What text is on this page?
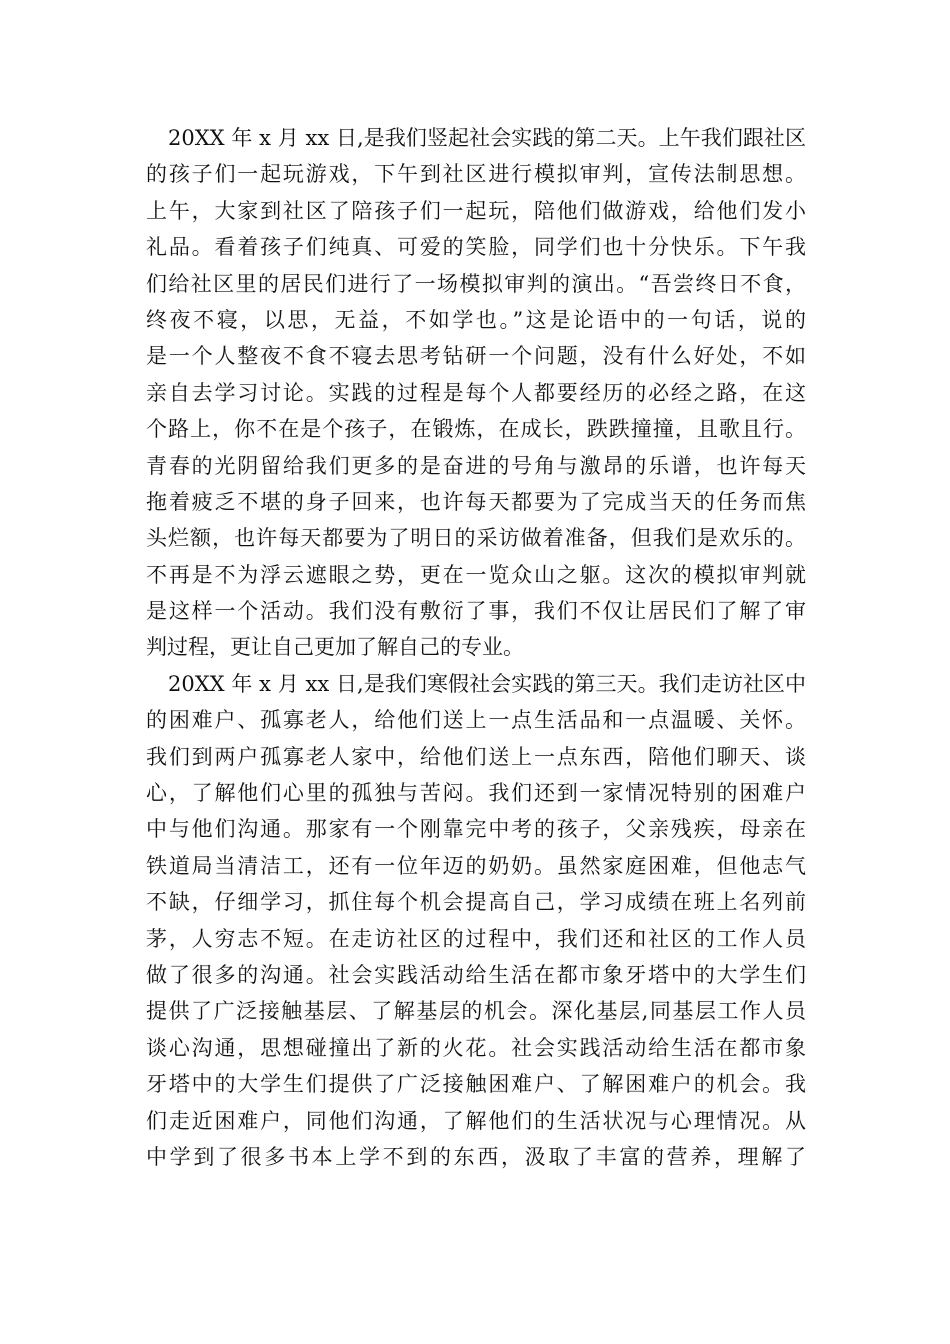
20XX 年 x 月 xx 日,是我们竖起社会实践的第二天。上午我们跟社区
的孩子们一起玩游戏，下午到社区进行模拟审判，宣传法制思想。
上午，大家到社区了陪孩子们一起玩，陪他们做游戏，给他们发小
礼品。看着孩子们纯真、可爱的笑脸，同学们也十分快乐。下午我
们给社区里的居民们进行了一场模拟审判的演出。“吾尝终日不食，
终夜不寝，以思，无益，不如学也。”这是论语中的一句话，说的
是一个人整夜不食不寝去思考钻研一个问题，没有什么好处，不如
亲自去学习讨论。实践的过程是每个人都要经历的必经之路，在这
个路上，你不在是个孩子，在锻炼，在成长，跌跌撞撞，且歌且行。
青春的光阴留给我们更多的是奋进的号角与激昂的乐谱，也许每天
拖着疲乏不堪的身子回来，也许每天都要为了完成当天的任务而焦
头烂额，也许每天都要为了明日的采访做着准备，但我们是欢乐的。
不再是不为浮云遮眼之势，更在一览众山之躯。这次的模拟审判就
是这样一个活动。我们没有敷衍了事，我们不仅让居民们了解了审
判过程，更让自己更加了解自己的专业。
20XX 年 x 月 xx 日,是我们寒假社会实践的第三天。我们走访社区中
的困难户、孤寡老人，给他们送上一点生活品和一点温暖、关怀。
我们到两户孤寡老人家中，给他们送上一点东西，陪他们聊天、谈
心，了解他们心里的孤独与苦闷。我们还到一家情况特别的困难户
中与他们沟通。那家有一个刚靠完中考的孩子，父亲残疾，母亲在
铁道局当清洁工，还有一位年迈的奶奶。虽然家庭困难，但他志气
不缺，仔细学习，抓住每个机会提高自己，学习成绩在班上名列前
茅，人穷志不短。在走访社区的过程中，我们还和社区的工作人员
做了很多的沟通。社会实践活动给生活在都市象牙塔中的大学生们
提供了广泛接触基层、了解基层的机会。深化基层,同基层工作人员
谈心沟通，思想碰撞出了新的火花。社会实践活动给生活在都市象
牙塔中的大学生们提供了广泛接触困难户、了解困难户的机会。我
们走近困难户，同他们沟通，了解他们的生活状况与心理情况。从
中学到了很多书本上学不到的东西，汲取了丰富的营养，理解了
